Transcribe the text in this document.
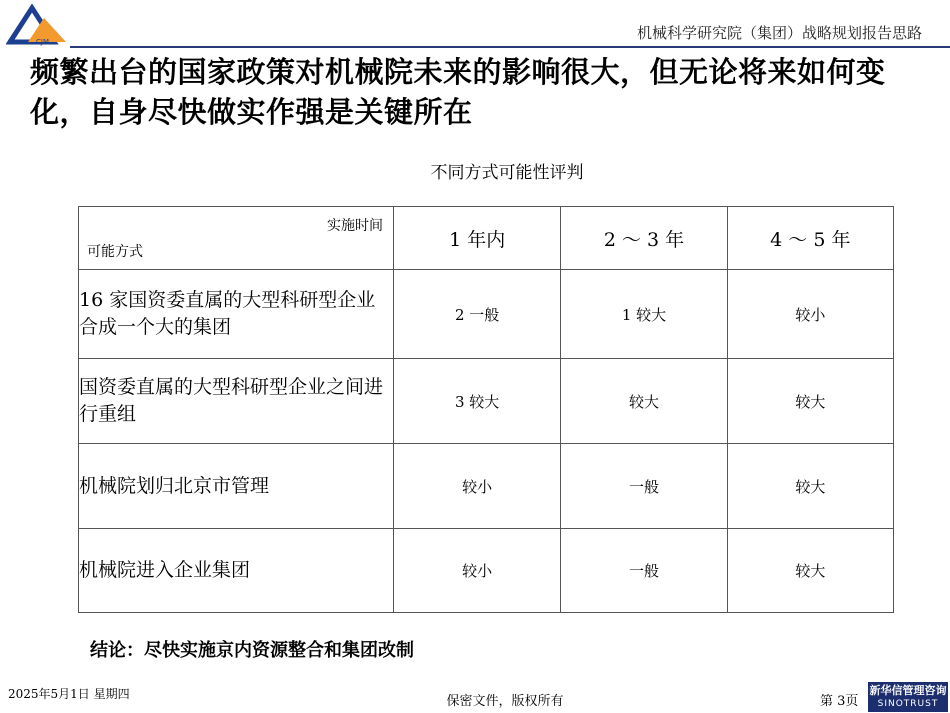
CJM	机械科学研究院（集团）战略规划报告思路
频繁出台的国家政策对机械院未来的影响很大，但无论将来如何变化，自身尽快做实作强是关键所在
不同方式可能性评判
实施时间
可能方式	1 年内	2 ～ 3 年	4 ～ 5 年
16 家国资委直属的大型科研型企业合成一个大的集团	2 一般	1 较大	较小
国资委直属的大型科研型企业之间进行重组	3 较大	较大	较大
机械院划归北京市管理	较小	一般	较大
机械院进入企业集团	较小	一般	较大
结论：尽快实施京内资源整合和集团改制
2025年5月1日 星期四	保密文件，版权所有	第 3页
新华信管理咨询
SINOTRUST
